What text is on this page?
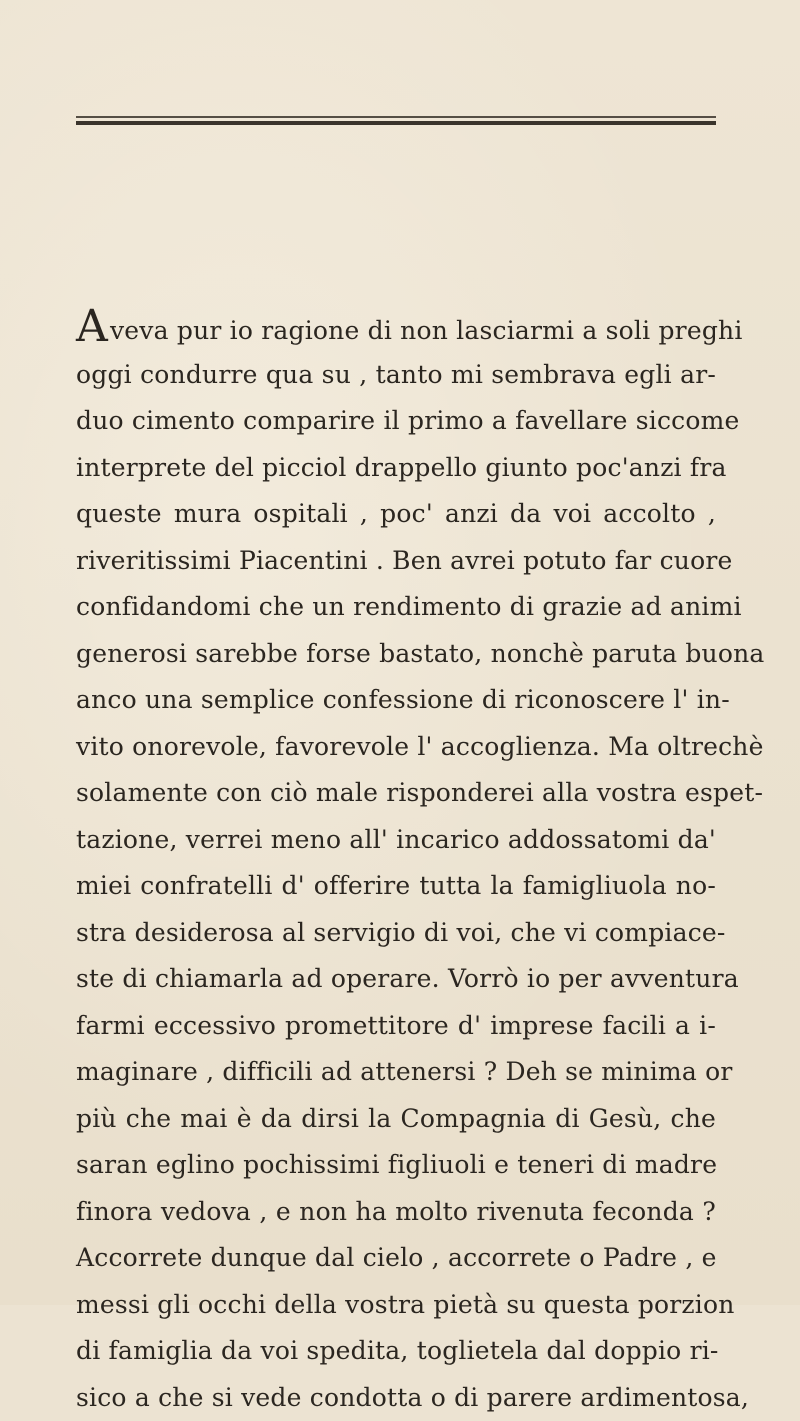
Aveva pur io ragione di non lasciarmi a soli preghi
oggi condurre qua su , tanto mi sembrava egli ar-
duo cimento comparire il primo a favellare siccome
interprete del picciol drappello giunto poc'anzi fra
queste mura ospitali , poc' anzi da voi accolto ,
riveritissimi Piacentini . Ben avrei potuto far cuore
confidandomi che un rendimento di grazie ad animi
generosi sarebbe forse bastato, nonchè paruta buona
anco una semplice confessione di riconoscere l' in-
vito onorevole, favorevole l' accoglienza. Ma oltrechè
solamente con ciò male risponderei alla vostra espet-
tazione, verrei meno all' incarico addossatomi da'
miei confratelli d' offerire tutta la famigliuola no-
stra desiderosa al servigio di voi, che vi compiace-
ste di chiamarla ad operare. Vorrò io per avventura
farmi eccessivo promettitore d' imprese facili a i-
maginare , difficili ad attenersi ? Deh se minima or
più che mai è da dirsi la Compagnia di Gesù, che
saran eglino pochissimi figliuoli e teneri di madre
finora vedova , e non ha molto rivenuta feconda ?
Accorrete dunque dal cielo , accorrete o Padre , e
messi gli occhi della vostra pietà su questa porzion
di famiglia da voi spedita, toglietela dal doppio ri-
sico a che si vede condotta o di parere ardimentosa,
